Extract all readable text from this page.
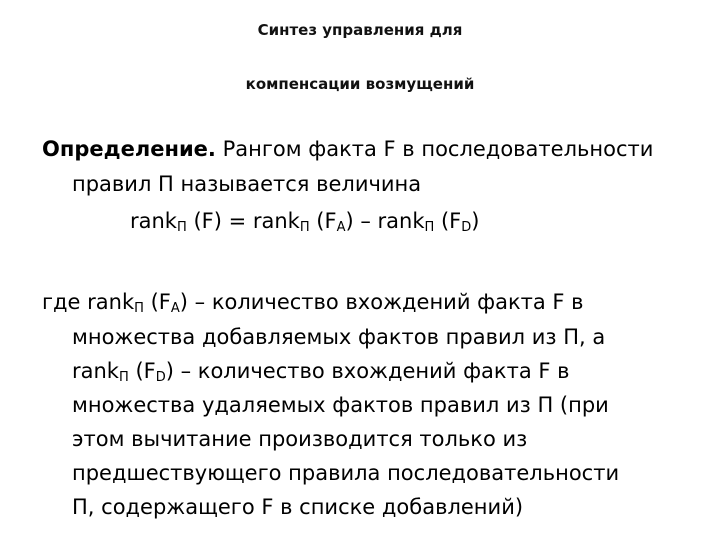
Синтез управления для
компенсации возмущений
Определение. Рангом факта F в последовательности
правил П называется величина
rank$_П$ (F) = rank$_П$ $(F_A)$ – rank$_П$ $(F_D)$
где rank$_П$ $(F_A)$ – количество вхождений факта F в
множества добавляемых фактов правил из П, а
rank$_П$ $(F_D)$ – количество вхождений факта F в
множества удаляемых фактов правил из П (при
этом вычитание производится только из
предшествующего правила последовательности
П, содержащего F в списке добавлений)
